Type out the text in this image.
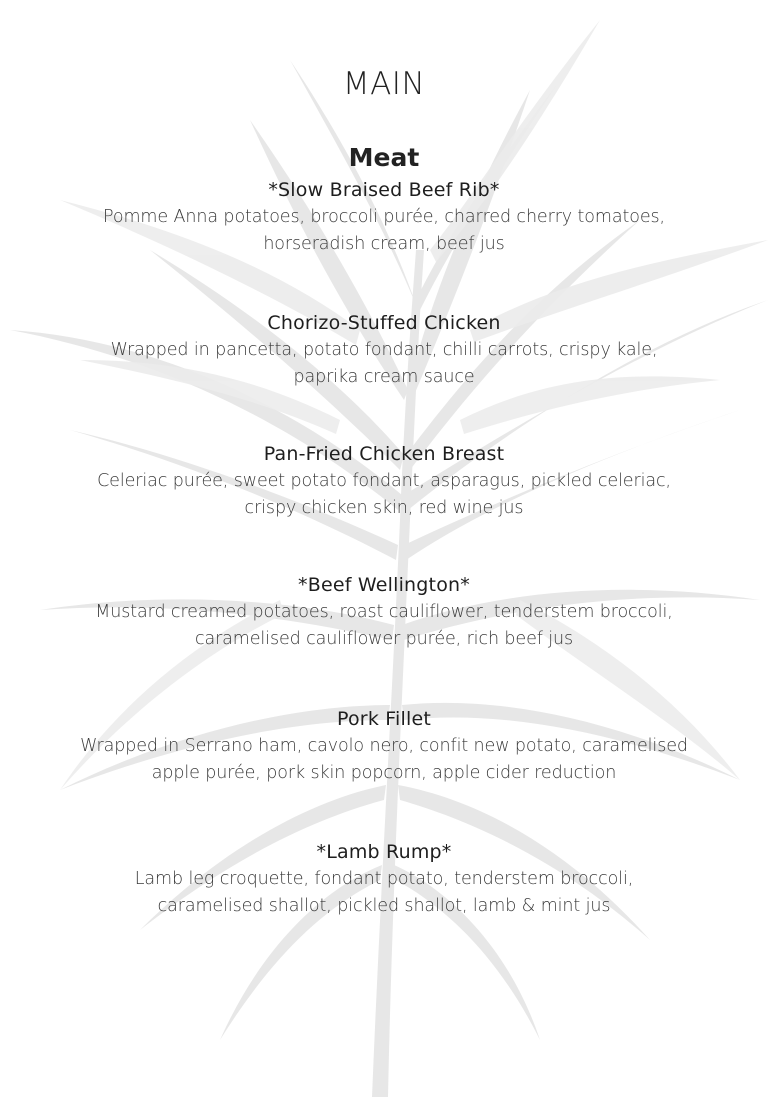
MAIN
Meat

*Slow Braised Beef Rib*

Pomme Anna potatoes, broccoli purée, charred cherry tomatoes,

horseradish cream, beef jus

Chorizo-Stuffed Chicken

Wrapped in pancetta, potato fondant, chilli carrots, crispy kale,

paprika cream sauce

Pan-Fried Chicken Breast

Celeriac purée, sweet potato fondant, asparagus, pickled celeriac,

crispy chicken skin, red wine jus

*Beef Wellington*

Mustard creamed potatoes, roast cauliflower, tenderstem broccoli,

caramelised cauliflower purée, rich beef jus

Pork Fillet

Wrapped in Serrano ham, cavolo nero, confit new potato, caramelised

apple purée, pork skin popcorn, apple cider reduction

*Lamb Rump*

Lamb leg croquette, fondant potato, tenderstem broccoli,

caramelised shallot, pickled shallot, lamb & mint jus
